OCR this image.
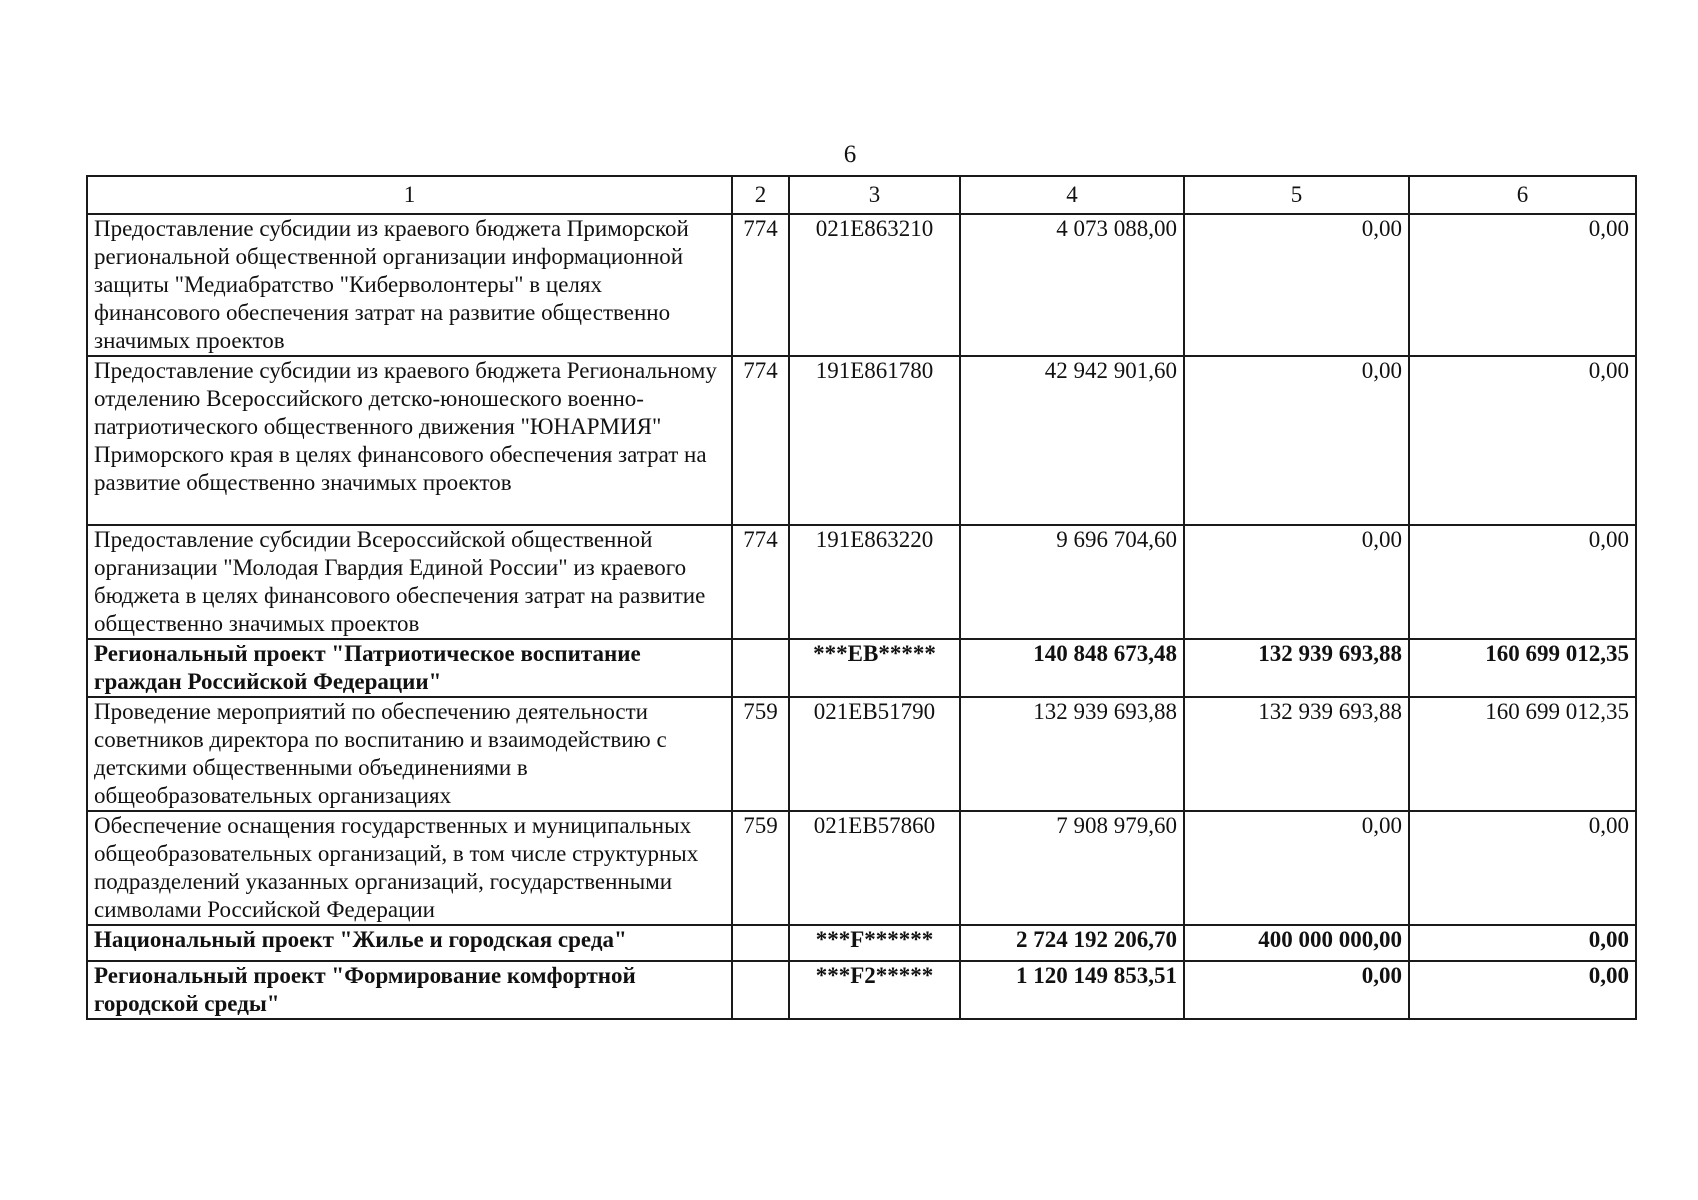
6
1	2	3	4	5	6
Предоставление субсидии из краевого бюджета Приморской региональной общественной организации информационной защиты "Медиабратство "Киберволонтеры" в целях финансового обеспечения затрат на развитие общественно значимых проектов	774	021E863210	4 073 088,00	0,00	0,00
Предоставление субсидии из краевого бюджета Региональному отделению Всероссийского детско-юношеского военно-патриотического общественного движения "ЮНАРМИЯ" Приморского края в целях финансового обеспечения затрат на развитие общественно значимых проектов	774	191E861780	42 942 901,60	0,00	0,00
Предоставление субсидии Всероссийской общественной организации "Молодая Гвардия Единой России" из краевого бюджета в целях финансового обеспечения затрат на развитие общественно значимых проектов	774	191E863220	9 696 704,60	0,00	0,00
Региональный проект "Патриотическое воспитание граждан Российской Федерации"		***ЕВ*****	140 848 673,48	132 939 693,88	160 699 012,35
Проведение мероприятий по обеспечению деятельности советников директора по воспитанию и взаимодействию с детскими общественными объединениями в общеобразовательных организациях	759	021ЕВ51790	132 939 693,88	132 939 693,88	160 699 012,35
Обеспечение оснащения государственных и муниципальных общеобразовательных организаций, в том числе структурных подразделений указанных организаций, государственными символами Российской Федерации	759	021ЕВ57860	7 908 979,60	0,00	0,00
Национальный проект "Жилье и городская среда"		***F******	2 724 192 206,70	400 000 000,00	0,00
Региональный проект "Формирование комфортной городской среды"		***F2*****	1 120 149 853,51	0,00	0,00
